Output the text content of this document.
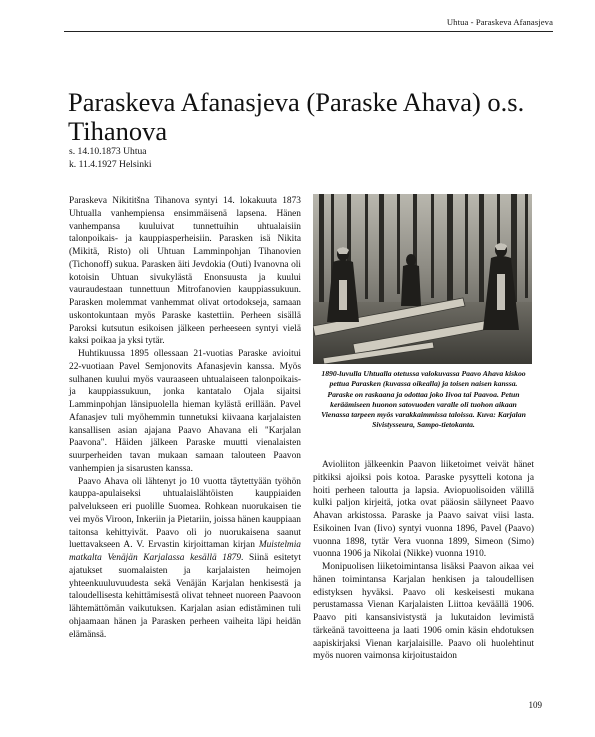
Uhtua - Paraskeva Afanasjeva
Paraskeva Afanasjeva (Paraske Ahava) o.s. Tihanova
s. 14.10.1873 Uhtua
k. 11.4.1927 Helsinki

Paraskeva Nikititšna Tihanova syntyi 14. lokakuuta 1873 Uhtualla vanhempiensa ensimmäisenä lapsena. Hänen vanhempansa kuuluivat tunnettuihin uhtualaisiin talonpoikais- ja kauppiasperheisiin. Parasken isä Nikita (Mikitä, Risto) oli Uhtuan Lamminpohjan Tihanovien (Tichonoff) sukua. Parasken äiti Jevdokia (Outi) Ivanovna oli kotoisin Uhtuan sivukylästä Enonsuusta ja kuului vauraudestaan tunnettuun Mitrofanovien kauppiassukuun. Parasken molemmat vanhemmat olivat ortodokseja, samaan uskontokuntaan myös Paraske kastettiin. Perheen sisällä Paroksi kutsutun esikoisen jälkeen perheeseen syntyi vielä kaksi poikaa ja yksi tytär.

Huhtikuussa 1895 ollessaan 21-vuotias Paraske avioitui 22-vuotiaan Pavel Semjonovits Afanasjevin kanssa. Myös sulhanen kuului myös vauraaseen uhtualaiseen talonpoikais- ja kauppiassukuun, jonka kantatalo Ojala sijaitsi Lamminpohjan länsipuolella hieman kylästä erillään. Pavel Afanasjev tuli myöhemmin tunnetuksi kiivaana karjalaisten kansallisen asian ajajana Paavo Ahavana eli "Karjalan Paavona". Häiden jälkeen Paraske muutti vienalaisten suurperheiden tavan mukaan samaan talouteen Paavon vanhempien ja sisarusten kanssa.

Paavo Ahava oli lähtenyt jo 10 vuotta täytettyään työhön kauppa-apulaiseksi uhtualaislähtöisten kauppiaiden palvelukseen eri puolille Suomea. Rohkean nuorukaisen tie vei myös Viroon, Inkeriin ja Pietariin, joissa hänen kauppiaan taitonsa kehittyivät. Paavo oli jo nuorukaisena saanut luettavakseen A. V. Ervastin kirjoittaman kirjan Muistelmia matkalta Venäjän Karjalassa kesällä 1879. Siinä esitetyt ajatukset suomalaisten ja karjalaisten heimojen yhteenkuuluvuudesta sekä Venäjän Karjalan henkisestä ja taloudellisesta kehittämisestä olivat tehneet nuoreen Paavoon lähtemättömän vaikutuksen. Karjalan asian edistäminen tuli ohjaamaan hänen ja Parasken perheen vaiheita läpi heidän elämänsä.

1890-luvulla Uhtualla otetussa valokuvassa Paavo Ahava kiskoo pettua Parasken (kuvassa oikealla) ja toisen naisen kanssa. Paraske on raskaana ja odottaa joko Iivoa tai Paavoa. Petun keräämiseen huonon satovuoden varalle oli tuohon aikaan Vienassa tarpeen myös varakkaimmissa taloissa. Kuva: Karjalan Sivistysseura, Sampo-tietokanta.

Avioliiton jälkeenkin Paavon liiketoimet veivät hänet pitkiksi ajoiksi pois kotoa. Paraske pysytteli kotona ja hoiti perheen taloutta ja lapsia. Aviopuolisoiden välillä kulki paljon kirjeitä, jotka ovat pääosin säilyneet Paavo Ahavan arkistossa. Paraske ja Paavo saivat viisi lasta. Esikoinen Ivan (Iivo) syntyi vuonna 1896, Pavel (Paavo) vuonna 1898, tytär Vera vuonna 1899, Simeon (Simo) vuonna 1906 ja Nikolai (Nikke) vuonna 1910.

Monipuolisen liiketoimintansa lisäksi Paavon aikaa vei hänen toimintansa Karjalan henkisen ja taloudellisen edistyksen hyväksi. Paavo oli keskeisesti mukana perustamassa Vienan Karjalaisten Liittoa keväällä 1906. Paavo piti kansansivistystä ja lukutaidon levimistä tärkeänä tavoitteena ja laati 1906 omin käsin ehdotuksen aapiskirjaksi Vienan karjalaisille. Paavo oli huolehtinut myös nuoren vaimonsa kirjoitustaidon

109
